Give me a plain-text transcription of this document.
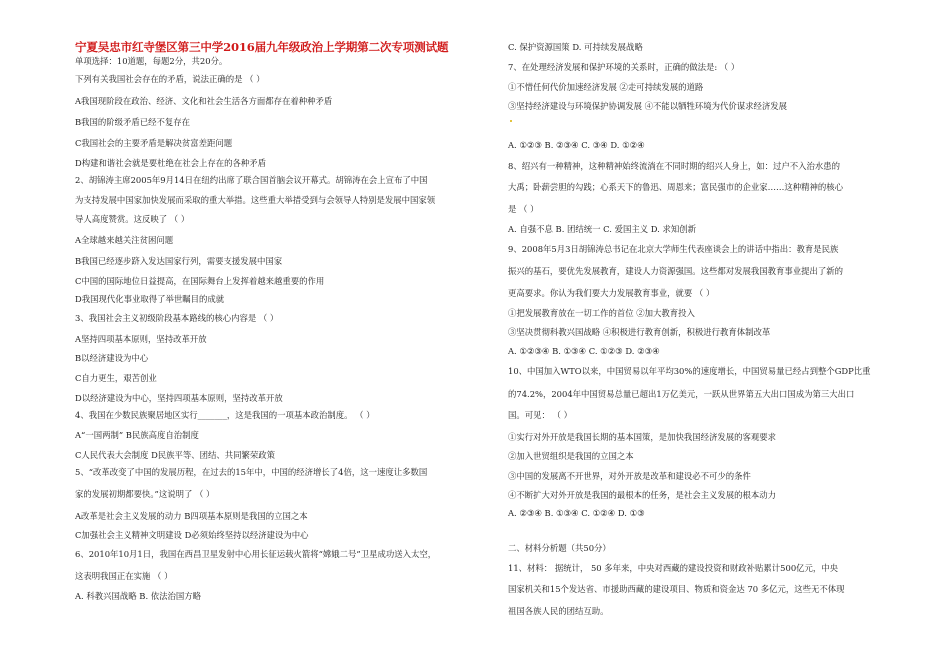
宁夏吴忠市红寺堡区第三中学2016届九年级政治上学期第二次专项测试题
单项选择：10道题，每题2分，共20分。
下列有关我国社会存在的矛盾，说法正确的是 （ ）
A我国现阶段在政治、经济、文化和社会生活各方面都存在着种种矛盾
B我国的阶级矛盾已经不复存在
C我国社会的主要矛盾是解决贫富差距问题
D构建和谐社会就是要杜绝在社会上存在的各种矛盾
2、胡锦涛主席2005年9月14日在纽约出席了联合国首脑会议开幕式。胡锦涛在会上宣布了中国
为支持发展中国家加快发展而采取的重大举措。这些重大举措受到与会领导人特别是发展中国家领
导人高度赞赏。这反映了 （ ）
A全球越来越关注贫困问题
B我国已经逐步跻入发达国家行列，需要支援发展中国家
C中国的国际地位日益提高，在国际舞台上发挥着越来越重要的作用
D我国现代化事业取得了举世瞩目的成就
3、我国社会主义初级阶段基本路线的核心内容是 （ ）
A坚持四项基本原则，坚持改革开放
B以经济建设为中心
C自力更生，艰苦创业
D以经济建设为中心，坚持四项基本原则，坚持改革开放
4、我国在少数民族聚居地区实行_______，这是我国的一项基本政治制度。 （ ）
A“一国两制” B民族高度自治制度
C人民代表大会制度 D民族平等、团结、共同繁荣政策
5、“改革改变了中国的发展历程，在过去的15年中，中国的经济增长了4倍，这一速度让多数国
家的发展初期都要快。”这说明了 （ ）
A改革是社会主义发展的动力 B四项基本原则是我国的立国之本
C加强社会主义精神文明建设 D必须始终坚持以经济建设为中心
6、2010年10月1日，我国在西昌卫星发射中心用长征运载火箭将“嫦娥二号”卫星成功送入太空，
这表明我国正在实施 （ ）
A. 科教兴国战略 B. 依法治国方略
C. 保护资源国策 D. 可持续发展战略
7、在处理经济发展和保护环境的关系时，正确的做法是: （ ）
①不惜任何代价加速经济发展 ②走可持续发展的道路
③坚持经济建设与环境保护协调发展 ④不能以牺牲环境为代价谋求经济发展
A. ①②③ B. ②③④ C. ③④ D. ①②④
8、绍兴有一种精神，这种精神始终流淌在不同时期的绍兴人身上，如：过户不入治水患的
大禹；卧薪尝胆的勾践；心系天下的鲁迅、周恩来；富民强市的企业家……这种精神的核心
是 （ ）
A. 自强不息 B. 团结统一 C. 爱国主义 D. 求知创新
9、2008年5月3日胡锦涛总书记在北京大学师生代表座谈会上的讲话中指出：教育是民族
振兴的基石，要优先发展教育，建设人力资源强国。这些都对发展我国教育事业提出了新的
更高要求。你认为我们要大力发展教育事业，就要 （ ）
①把发展教育放在一切工作的首位 ②加大教育投入
③坚决贯彻科教兴国战略 ④积极进行教育创新，积极进行教育体制改革
A. ①②③④ B. ①③④ C. ①②③ D. ②③④
10、中国加入WTO以来，中国贸易以年平均30%的速度增长，中国贸易量已经占到整个GDP比重
的74.2%，2004年中国贸易总量已超出1万亿美元，一跃从世界第五大出口国成为第三大出口
国。可见： （ ）
①实行对外开放是我国长期的基本国策，是加快我国经济发展的客观要求
②加入世贸组织是我国的立国之本
③中国的发展离不开世界，对外开放是改革和建设必不可少的条件
④不断扩大对外开放是我国的最根本的任务，是社会主义发展的根本动力
A. ②③④ B. ①③④ C. ①②④ D. ①③
二、材料分析题（共50分）
11、材料： 据统计， 50 多年来，中央对西藏的建设投资和财政补贴累计500亿元，中央
国家机关和15个发达省、市援助西藏的建设项目、物质和资金达 70 多亿元，这些无不体现
祖国各族人民的团结互助。
